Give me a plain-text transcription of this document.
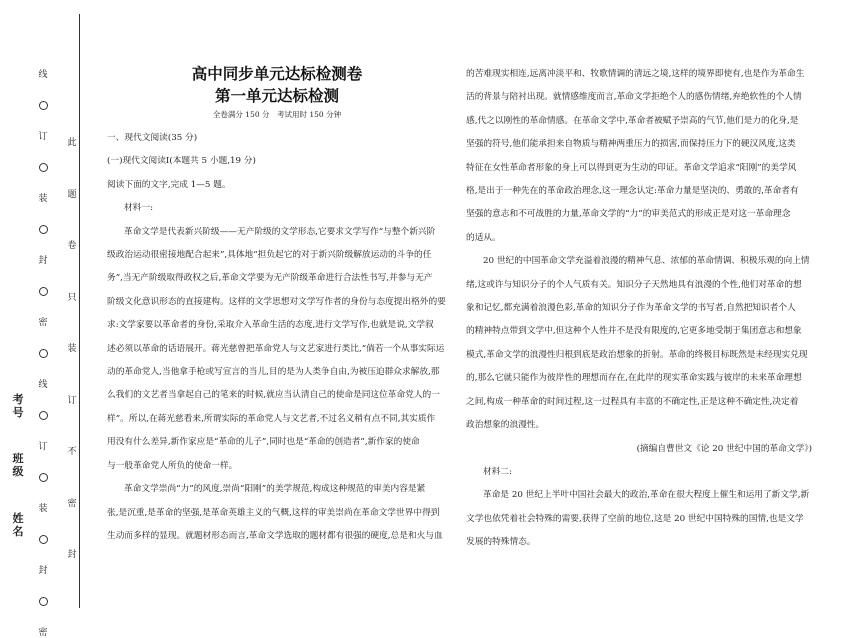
线
订
装
封
密
线
订
装
封
密
此
题
卷
只
装
订
不
密
封
考号
班级
姓名
高中同步单元达标检测卷
第一单元达标检测
全卷满分 150 分　考试用时 150 分钟
一、现代文阅读(35 分)
(一)现代文阅读Ⅰ(本题共 5 小题,19 分)
阅读下面的文字,完成 1—5 题。
材料一:
革命文学是代表新兴阶级——无产阶级的文学形态,它要求文学写作“与整个新兴阶
级政治运动很密接地配合起来”,具体地“担负起它的对于新兴阶级解放运动的斗争的任
务”,当无产阶级取得政权之后,革命文学要为无产阶级革命进行合法性书写,并参与无产
阶级文化意识形态的直接建构。这样的文学思想对文学写作者的身份与态度提出格外的要
求:文学家要以革命者的身份,采取介入革命生活的态度,进行文学写作,也就是说,文学叙
述必须以革命的话语展开。蒋光慈曾把革命党人与文艺家进行类比,“倘若一个从事实际运
动的革命党人,当他拿手枪或写宣言的当儿,目的是为人类争自由,为被压迫群众求解放,那
么我们的文艺者当拿起自己的笔来的时候,就应当认清自己的使命是同这位革命党人的一
样”。所以,在蒋光慈看来,所谓实际的革命党人与文艺者,不过名义稍有点不同,其实质作
用没有什么差异,新作家应是“革命的儿子”,同时也是“革命的创造者”,新作家的使命
与一般革命党人所负的使命一样。
革命文学崇尚“力”的风度,崇尚“阳刚”的美学规范,构成这种规范的审美内容是紧
张,是沉重,是革命的坚强,是革命英雄主义的气概,这样的审美崇尚在革命文学世界中得到
生动而多样的显现。就题材形态而言,革命文学选取的题材都有很强的硬度,总是和火与血
的苦难现实相连,远离冲淡平和、牧歌情调的清远之境,这样的境界即使有,也是作为革命生
活的背景与陪衬出现。就情感维度而言,革命文学拒绝个人的感伤情绪,弃绝软性的个人情
感,代之以刚性的革命情感。在革命文学中,革命者被赋予崇高的气节,他们是力的化身,是
坚强的符号,他们能承担来自物质与精神两重压力的损害,而保持压力下的硬汉风度,这类
特征在女性革命者形象的身上可以得到更为生动的印证。革命文学追求“阳刚”的美学风
格,是出于一种先在的革命政治理念,这一理念认定:革命力量是坚决的、勇敢的,革命者有
坚强的意志和不可战胜的力量,革命文学的“力”的审美范式的形成正是对这一革命理念
的适从。
20 世纪的中国革命文学充溢着浪漫的精神气息、浓郁的革命情调、积极乐观的向上情
绪,这或许与知识分子的个人气质有关。知识分子天然地具有浪漫的个性,他们对革命的想
象和记忆,都充满着浪漫色彩,革命的知识分子作为革命文学的书写者,自然把知识者个人
的精神特点带到文学中,但这种个人性并不是没有限度的,它更多地受制于集团意志和想象
模式,革命文学的浪漫性归根到底是政治想象的折射。革命的终极目标既然是未经现实兑现
的,那么它就只能作为彼岸性的理想而存在,在此岸的现实革命实践与彼岸的未来革命理想
之间,构成一种革命的时间过程,这一过程具有丰富的不确定性,正是这种不确定性,决定着
政治想象的浪漫性。
(摘编自曹世文《论 20 世纪中国的革命文学》)
材料二:
革命是 20 世纪上半叶中国社会最大的政治,革命在很大程度上催生和运用了新文学,新
文学也依凭着社会特殊的需要,获得了空前的地位,这是 20 世纪中国特殊的国情,也是文学
发展的特殊情态。
